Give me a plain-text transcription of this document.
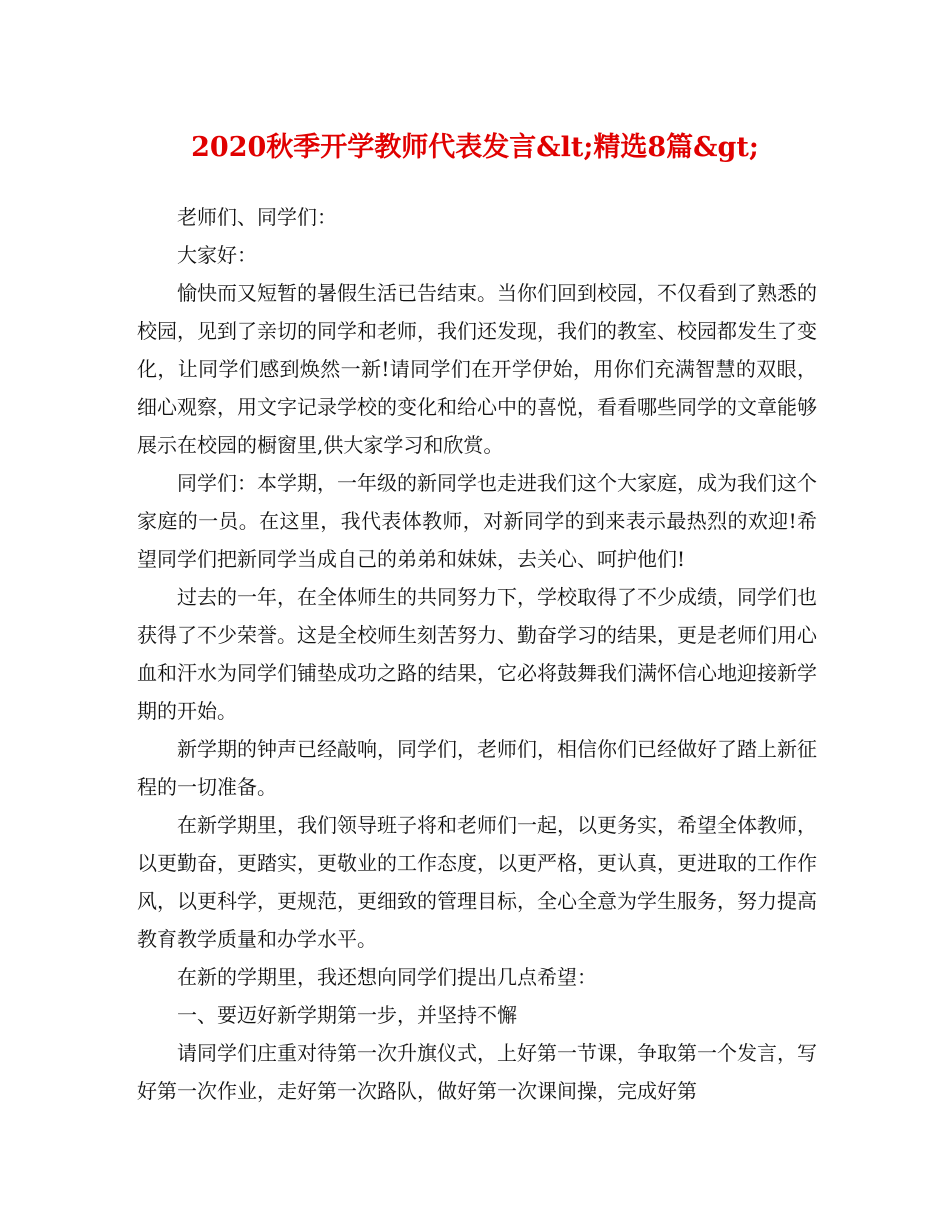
2020秋季开学教师代表发言&lt;精选8篇&gt;

老师们、同学们：

大家好：

愉快而又短暂的暑假生活已告结束。当你们回到校园，不仅看到了熟悉的校园，见到了亲切的同学和老师，我们还发现，我们的教室、校园都发生了变化，让同学们感到焕然一新!请同学们在开学伊始，用你们充满智慧的双眼，细心观察，用文字记录学校的变化和给心中的喜悦，看看哪些同学的文章能够展示在校园的橱窗里,供大家学习和欣赏。

同学们：本学期，一年级的新同学也走进我们这个大家庭，成为我们这个家庭的一员。在这里，我代表体教师，对新同学的到来表示最热烈的欢迎!希望同学们把新同学当成自己的弟弟和妹妹，去关心、呵护他们!

过去的一年，在全体师生的共同努力下，学校取得了不少成绩，同学们也获得了不少荣誉。这是全校师生刻苦努力、勤奋学习的结果，更是老师们用心血和汗水为同学们铺垫成功之路的结果，它必将鼓舞我们满怀信心地迎接新学期的开始。

新学期的钟声已经敲响，同学们，老师们，相信你们已经做好了踏上新征程的一切准备。

在新学期里，我们领导班子将和老师们一起，以更务实，希望全体教师，以更勤奋，更踏实，更敬业的工作态度，以更严格，更认真，更进取的工作作风，以更科学，更规范，更细致的管理目标，全心全意为学生服务，努力提高教育教学质量和办学水平。

在新的学期里，我还想向同学们提出几点希望：

一、要迈好新学期第一步，并坚持不懈

请同学们庄重对待第一次升旗仪式，上好第一节课，争取第一个发言，写好第一次作业，走好第一次路队，做好第一次课间操，完成好第
